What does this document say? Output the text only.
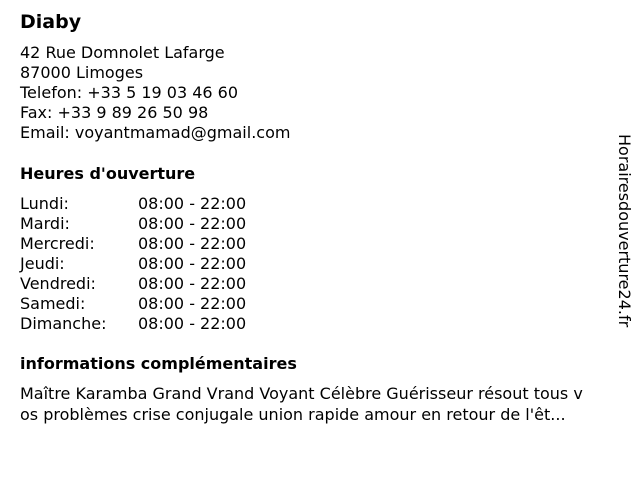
Diaby
42 Rue Domnolet Lafarge
87000 Limoges
Telefon: +33 5 19 03 46 60
Fax: +33 9 89 26 50 98
Email: voyantmamad@gmail.com
Heures d'ouverture
Lundi:	08:00 - 22:00
Mardi:	08:00 - 22:00
Mercredi:	08:00 - 22:00
Jeudi:	08:00 - 22:00
Vendredi:	08:00 - 22:00
Samedi:	08:00 - 22:00
Dimanche:	08:00 - 22:00
informations complémentaires
Maître Karamba Grand Vrand Voyant Célèbre Guérisseur résout tous v
os problèmes crise conjugale union rapide amour en retour de l'êt...
Horairesdouverture24.fr
